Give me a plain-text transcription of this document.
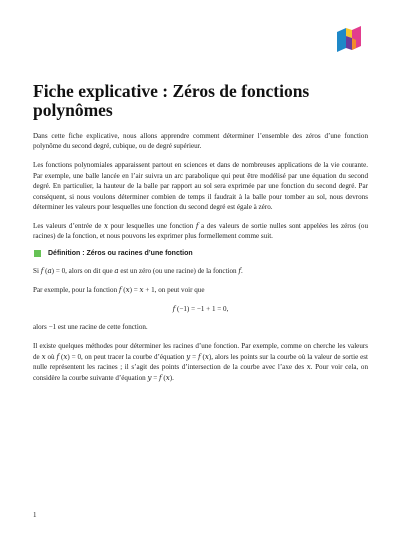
Fiche explicative : Zéros de fonctions polynômes

Dans cette fiche explicative, nous allons apprendre comment déterminer l’ensemble des zéros d’une fonction polynôme du second degré, cubique, ou de degré supérieur.

Les fonctions polynomiales apparaissent partout en sciences et dans de nombreuses applications de la vie courante. Par exemple, une balle lancée en l’air suivra un arc parabolique qui peut être modélisé par une équation du second degré. En particulier, la hauteur de la balle par rapport au sol sera exprimée par une fonction du second degré. Par conséquent, si nous voulons déterminer combien de temps il faudrait à la balle pour tomber au sol, nous devrons déterminer les valeurs pour lesquelles une fonction du second degré est égale à zéro.

Les valeurs d’entrée de 𝑥 pour lesquelles une fonction 𝑓 a des valeurs de sortie nulles sont appelées les zéros (ou racines) de la fonction, et nous pouvons les exprimer plus formellement comme suit.

Définition : Zéros ou racines d’une fonction

Si 𝑓 (𝑎) = 0, alors on dit que 𝑎 est un zéro (ou une racine) de la fonction 𝑓.

Par exemple, pour la fonction 𝑓 (𝑥) = 𝑥 + 1, on peut voir que

𝑓 (−1) = −1 + 1 = 0,

alors −1 est une racine de cette fonction.

Il existe quelques méthodes pour déterminer les racines d’une fonction. Par exemple, comme on cherche les valeurs de 𝑥 où 𝑓 (𝑥) = 0, on peut tracer la courbe d’équation 𝑦 = 𝑓 (𝑥), alors les points sur la courbe où la valeur de sortie est nulle représentent les racines ; il s’agit des points d’intersection de la courbe avec l’axe des 𝑥. Pour voir cela, on considère la courbe suivante d’équation 𝑦 = 𝑓 (𝑥).

1
